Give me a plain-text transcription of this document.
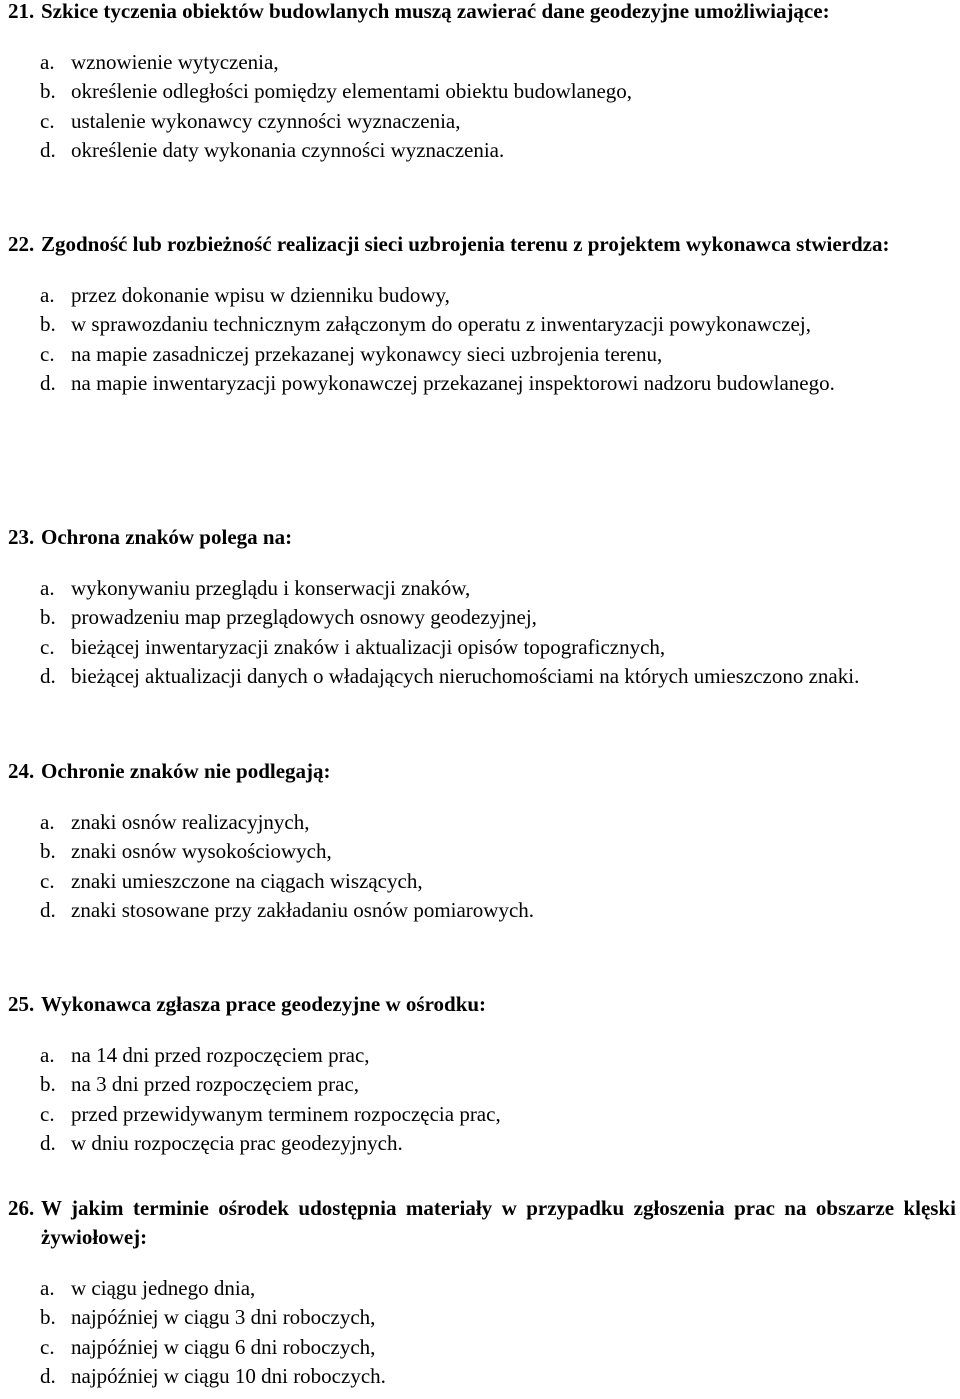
21. Szkice tyczenia obiektów budowlanych muszą zawierać dane geodezyjne umożliwiające:
a. wznowienie wytyczenia,
b. określenie odległości pomiędzy elementami obiektu budowlanego,
c. ustalenie wykonawcy czynności wyznaczenia,
d. określenie daty wykonania czynności wyznaczenia.
22. Zgodność lub rozbieżność realizacji sieci uzbrojenia terenu z projektem wykonawca stwierdza:
a. przez dokonanie wpisu w dzienniku budowy,
b. w sprawozdaniu technicznym załączonym do operatu z inwentaryzacji powykonawczej,
c. na mapie zasadniczej przekazanej wykonawcy sieci uzbrojenia terenu,
d. na mapie inwentaryzacji powykonawczej przekazanej inspektorowi nadzoru budowlanego.
23. Ochrona znaków polega na:
a. wykonywaniu przeglądu i konserwacji znaków,
b. prowadzeniu map przeglądowych osnowy geodezyjnej,
c. bieżącej inwentaryzacji znaków i aktualizacji opisów topograficznych,
d. bieżącej aktualizacji danych o władających nieruchomościami na których umieszczono znaki.
24. Ochronie znaków nie podlegają:
a. znaki osnów realizacyjnych,
b. znaki osnów wysokościowych,
c. znaki umieszczone na ciągach wiszących,
d. znaki stosowane przy zakładaniu osnów pomiarowych.
25. Wykonawca zgłasza prace geodezyjne w ośrodku:
a. na 14 dni przed rozpoczęciem prac,
b. na 3 dni przed rozpoczęciem prac,
c. przed przewidywanym terminem rozpoczęcia prac,
d. w dniu rozpoczęcia prac geodezyjnych.
26. W jakim terminie ośrodek udostępnia materiały w przypadku zgłoszenia prac na obszarze klęski żywiołowej:
a. w ciągu jednego dnia,
b. najpóźniej w ciągu 3 dni roboczych,
c. najpóźniej w ciągu 6 dni roboczych,
d. najpóźniej w ciągu 10 dni roboczych.
